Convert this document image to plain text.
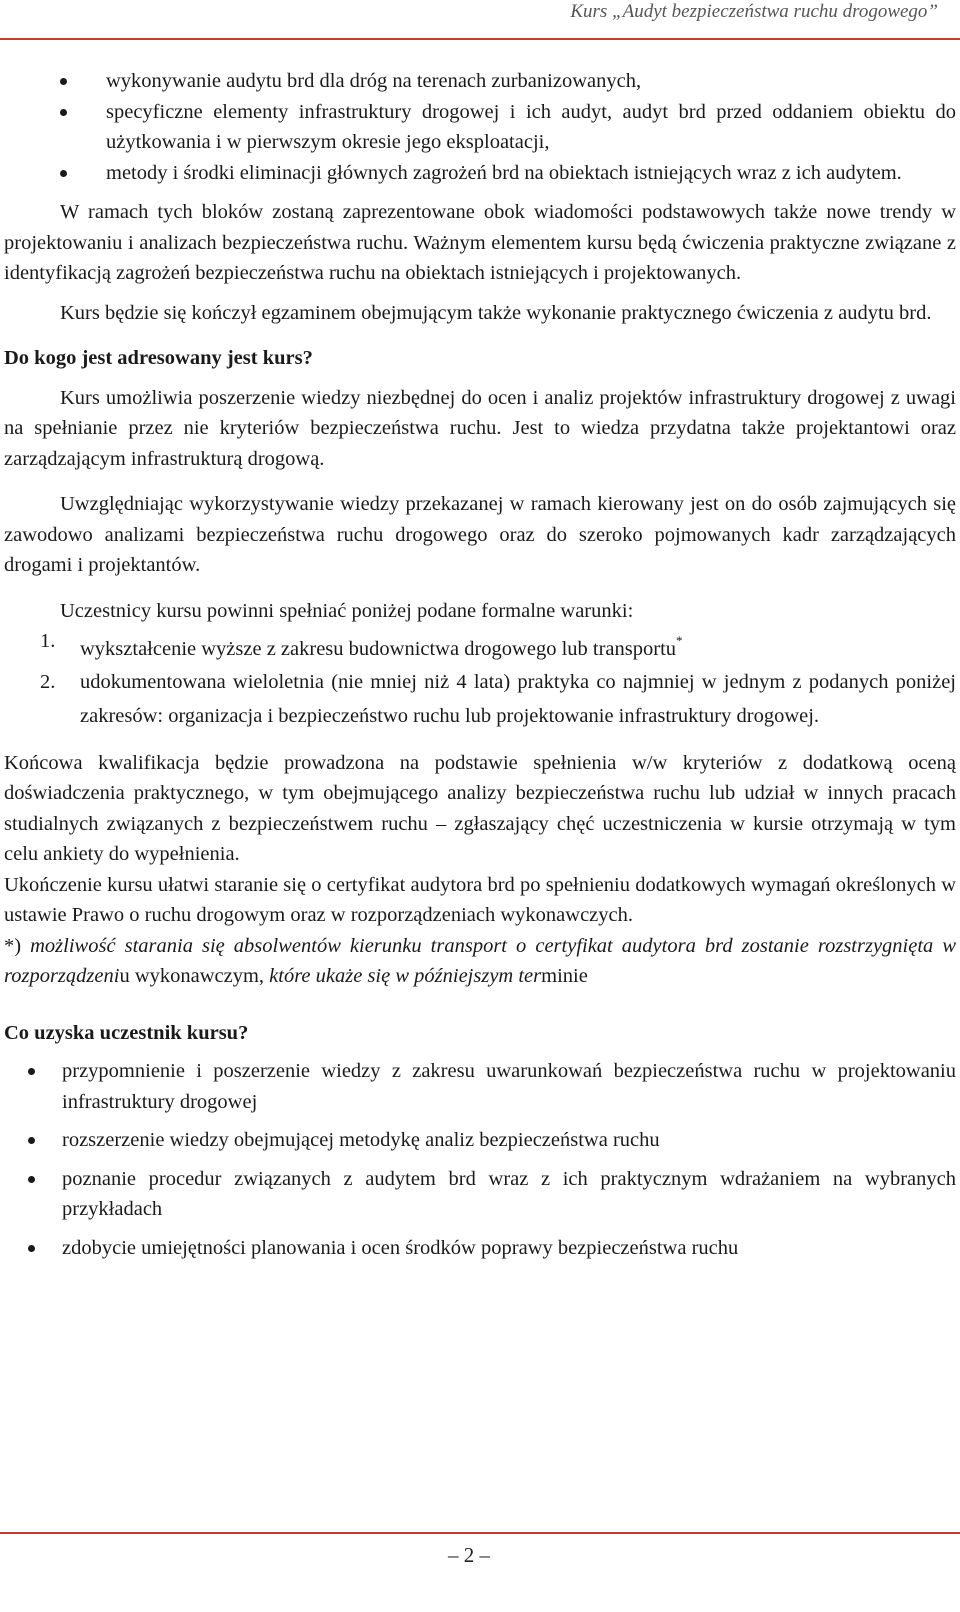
Kurs „Audyt bezpieczeństwa ruchu drogowego”
wykonywanie audytu brd dla dróg na terenach zurbanizowanych,
specyficzne elementy infrastruktury drogowej i ich audyt, audyt brd przed oddaniem obiektu do użytkowania i w pierwszym okresie jego eksploatacji,
metody i środki eliminacji głównych zagrożeń brd na obiektach istniejących wraz z ich audytem.

W ramach tych bloków zostaną zaprezentowane obok wiadomości podstawowych także nowe trendy w projektowaniu i analizach bezpieczeństwa ruchu. Ważnym elementem kursu będą ćwiczenia praktyczne związane z identyfikacją zagrożeń bezpieczeństwa ruchu na obiektach istniejących i projektowanych.

Kurs będzie się kończył egzaminem obejmującym także wykonanie praktycznego ćwiczenia z audytu brd.

Do kogo jest adresowany jest kurs?

Kurs umożliwia poszerzenie wiedzy niezbędnej do ocen i analiz projektów infrastruktury drogowej z uwagi na spełnianie przez nie kryteriów bezpieczeństwa ruchu. Jest to wiedza przydatna także projektantowi oraz zarządzającym infrastrukturą drogową.

Uwzględniając wykorzystywanie wiedzy przekazanej w ramach kierowany jest on do osób zajmujących się zawodowo analizami bezpieczeństwa ruchu drogowego oraz do szeroko pojmowanych kadr zarządzających drogami i projektantów.

Uczestnicy kursu powinni spełniać poniżej podane formalne warunki:

1. wykształcenie wyższe z zakresu budownictwa drogowego lub transportu*
2. udokumentowana wieloletnia (nie mniej niż 4 lata) praktyka co najmniej w jednym z podanych poniżej zakresów: organizacja i bezpieczeństwo ruchu lub projektowanie infrastruktury drogowej.

Końcowa kwalifikacja będzie prowadzona na podstawie spełnienia w/w kryteriów z dodatkową oceną doświadczenia praktycznego, w tym obejmującego analizy bezpieczeństwa ruchu lub udział w innych pracach studialnych związanych z bezpieczeństwem ruchu – zgłaszający chęć uczestniczenia w kursie otrzymają w tym celu ankiety do wypełnienia.

Ukończenie kursu ułatwi staranie się o certyfikat audytora brd po spełnieniu dodatkowych wymagań określonych w ustawie Prawo o ruchu drogowym oraz w rozporządzeniach wykonawczych.

*) możliwość starania się absolwentów kierunku transport o certyfikat audytora brd zostanie rozstrzygnięta w rozporządzeniu wykonawczym, które ukaże się w późniejszym terminie

Co uzyska uczestnik kursu?

przypomnienie i poszerzenie wiedzy z zakresu uwarunkowań bezpieczeństwa ruchu w projektowaniu infrastruktury drogowej
rozszerzenie wiedzy obejmującej metodykę analiz bezpieczeństwa ruchu
poznanie procedur związanych z audytem brd wraz z ich praktycznym wdrażaniem na wybranych przykładach
zdobycie umiejętności planowania i ocen środków poprawy bezpieczeństwa ruchu
– 2 –
